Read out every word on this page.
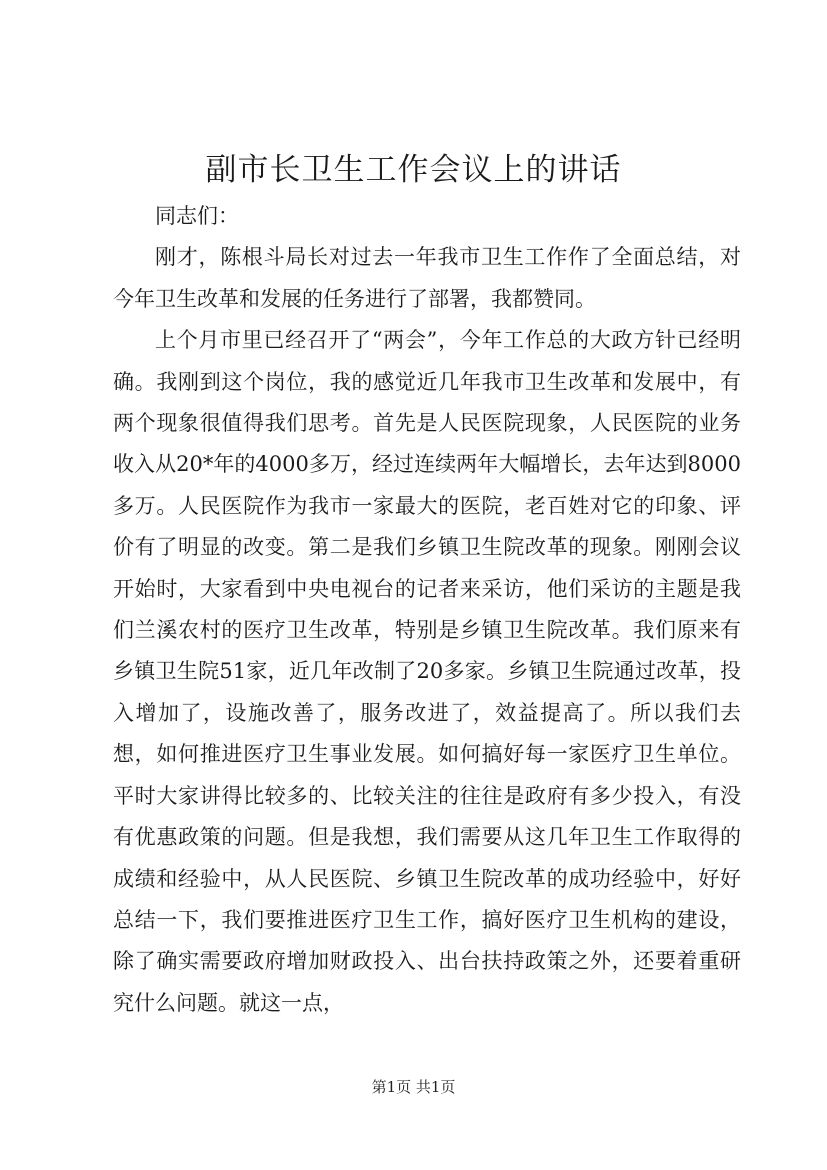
副市长卫生工作会议上的讲话

同志们：

刚才，陈根斗局长对过去一年我市卫生工作作了全面总结，对今年卫生改革和发展的任务进行了部署，我都赞同。

上个月市里已经召开了“两会”，今年工作总的大政方针已经明确。我刚到这个岗位，我的感觉近几年我市卫生改革和发展中，有两个现象很值得我们思考。首先是人民医院现象，人民医院的业务收入从20*年的4000多万，经过连续两年大幅增长，去年达到8000多万。人民医院作为我市一家最大的医院，老百姓对它的印象、评价有了明显的改变。第二是我们乡镇卫生院改革的现象。刚刚会议开始时，大家看到中央电视台的记者来采访，他们采访的主题是我们兰溪农村的医疗卫生改革，特别是乡镇卫生院改革。我们原来有乡镇卫生院51家，近几年改制了20多家。乡镇卫生院通过改革，投入增加了，设施改善了，服务改进了，效益提高了。所以我们去想，如何推进医疗卫生事业发展。如何搞好每一家医疗卫生单位。平时大家讲得比较多的、比较关注的往往是政府有多少投入，有没有优惠政策的问题。但是我想，我们需要从这几年卫生工作取得的成绩和经验中，从人民医院、乡镇卫生院改革的成功经验中，好好总结一下，我们要推进医疗卫生工作，搞好医疗卫生机构的建设，除了确实需要政府增加财政投入、出台扶持政策之外，还要着重研究什么问题。就这一点，

第1页 共1页
